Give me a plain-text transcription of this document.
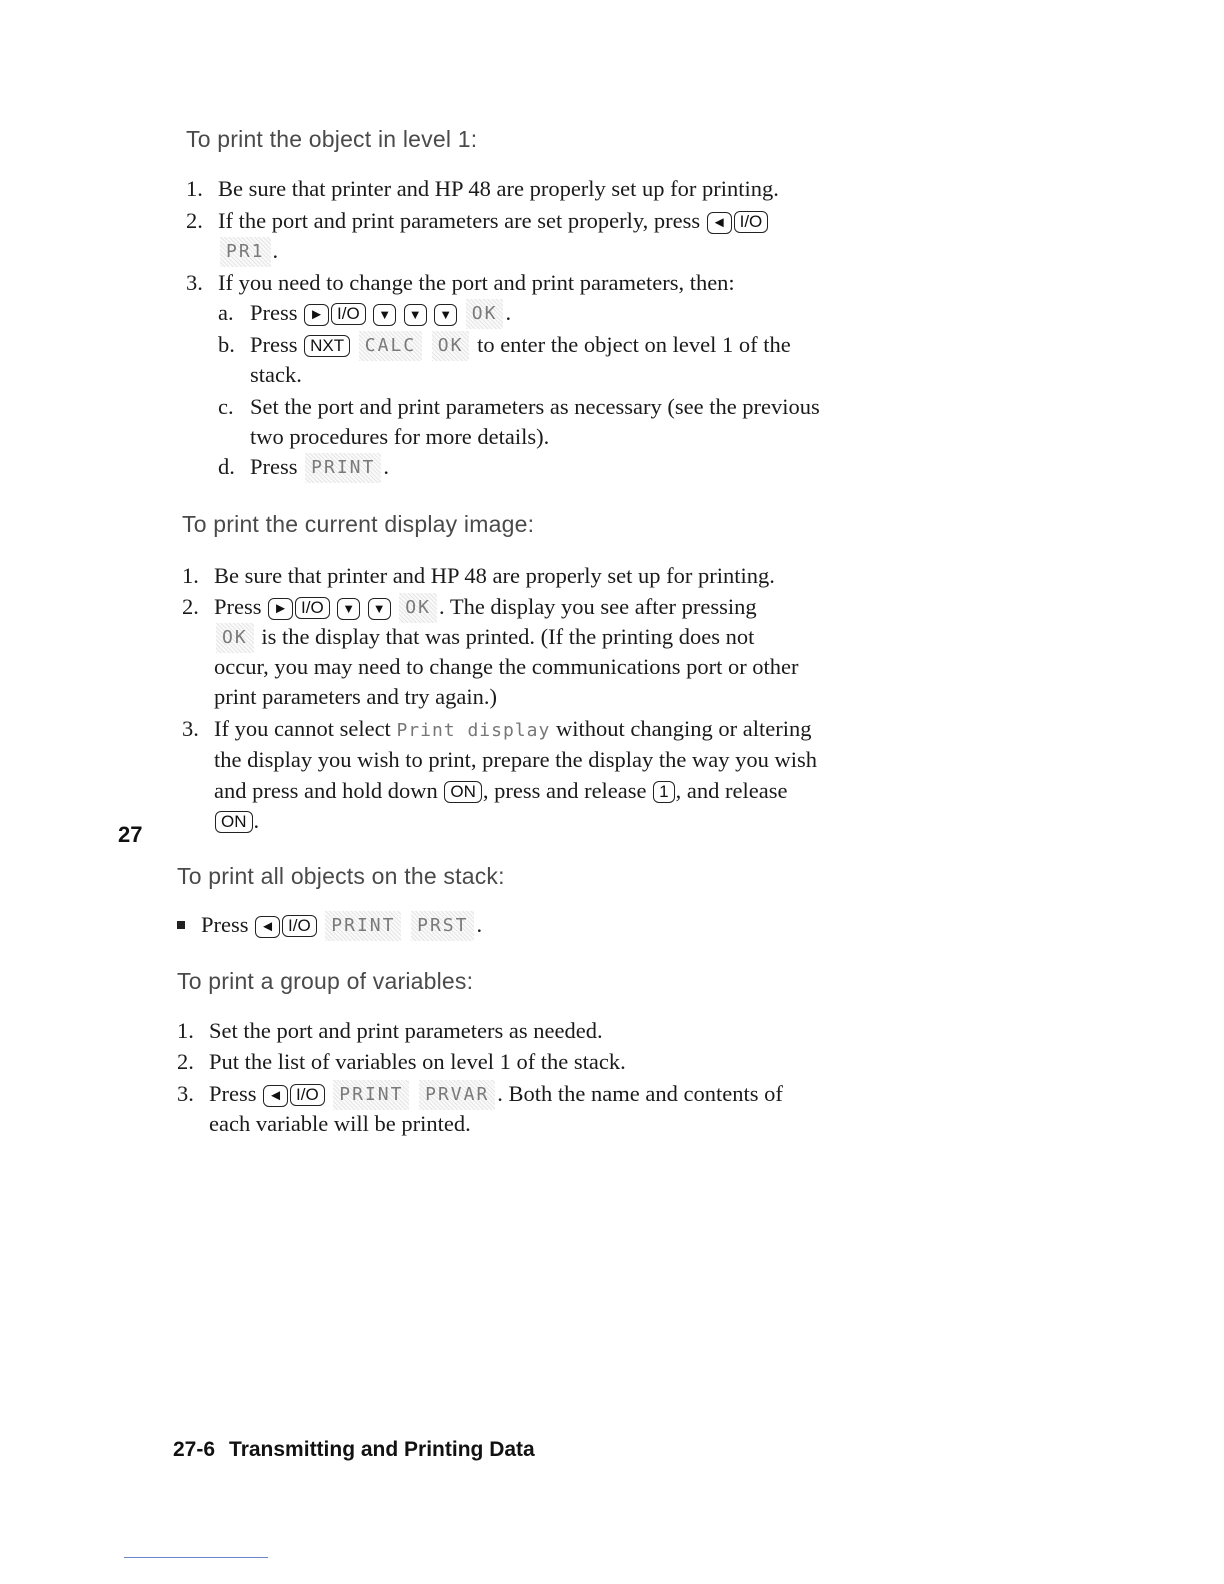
To print the object in level 1:

1. Be sure that printer and HP 48 are properly set up for printing.

2. If the port and print parameters are set properly, press ◄ I/O

PR1 .

3. If you need to change the port and print parameters, then:

a. Press ► I/O ▼ ▼ ▼ OK .

b. Press NXT CALC OK to enter the object on level 1 of the

stack.

c. Set the port and print parameters as necessary (see the previous

two procedures for more details).

d. Press PRINT .

To print the current display image:

1. Be sure that printer and HP 48 are properly set up for printing.

2. Press ► I/O ▼ ▼ OK . The display you see after pressing

OK is the display that was printed. (If the printing does not

occur, you may need to change the communications port or other

print parameters and try again.)

3. If you cannot select Print display without changing or altering

the display you wish to print, prepare the display the way you wish

and press and hold down ON , press and release 1 , and release

ON .

27

To print all objects on the stack:

Press ◄ I/O PRINT PRST .

To print a group of variables:

1. Set the port and print parameters as needed.

2. Put the list of variables on level 1 of the stack.

3. Press ◄ I/O PRINT PRVAR . Both the name and contents of

each variable will be printed.

27-6 Transmitting and Printing Data
